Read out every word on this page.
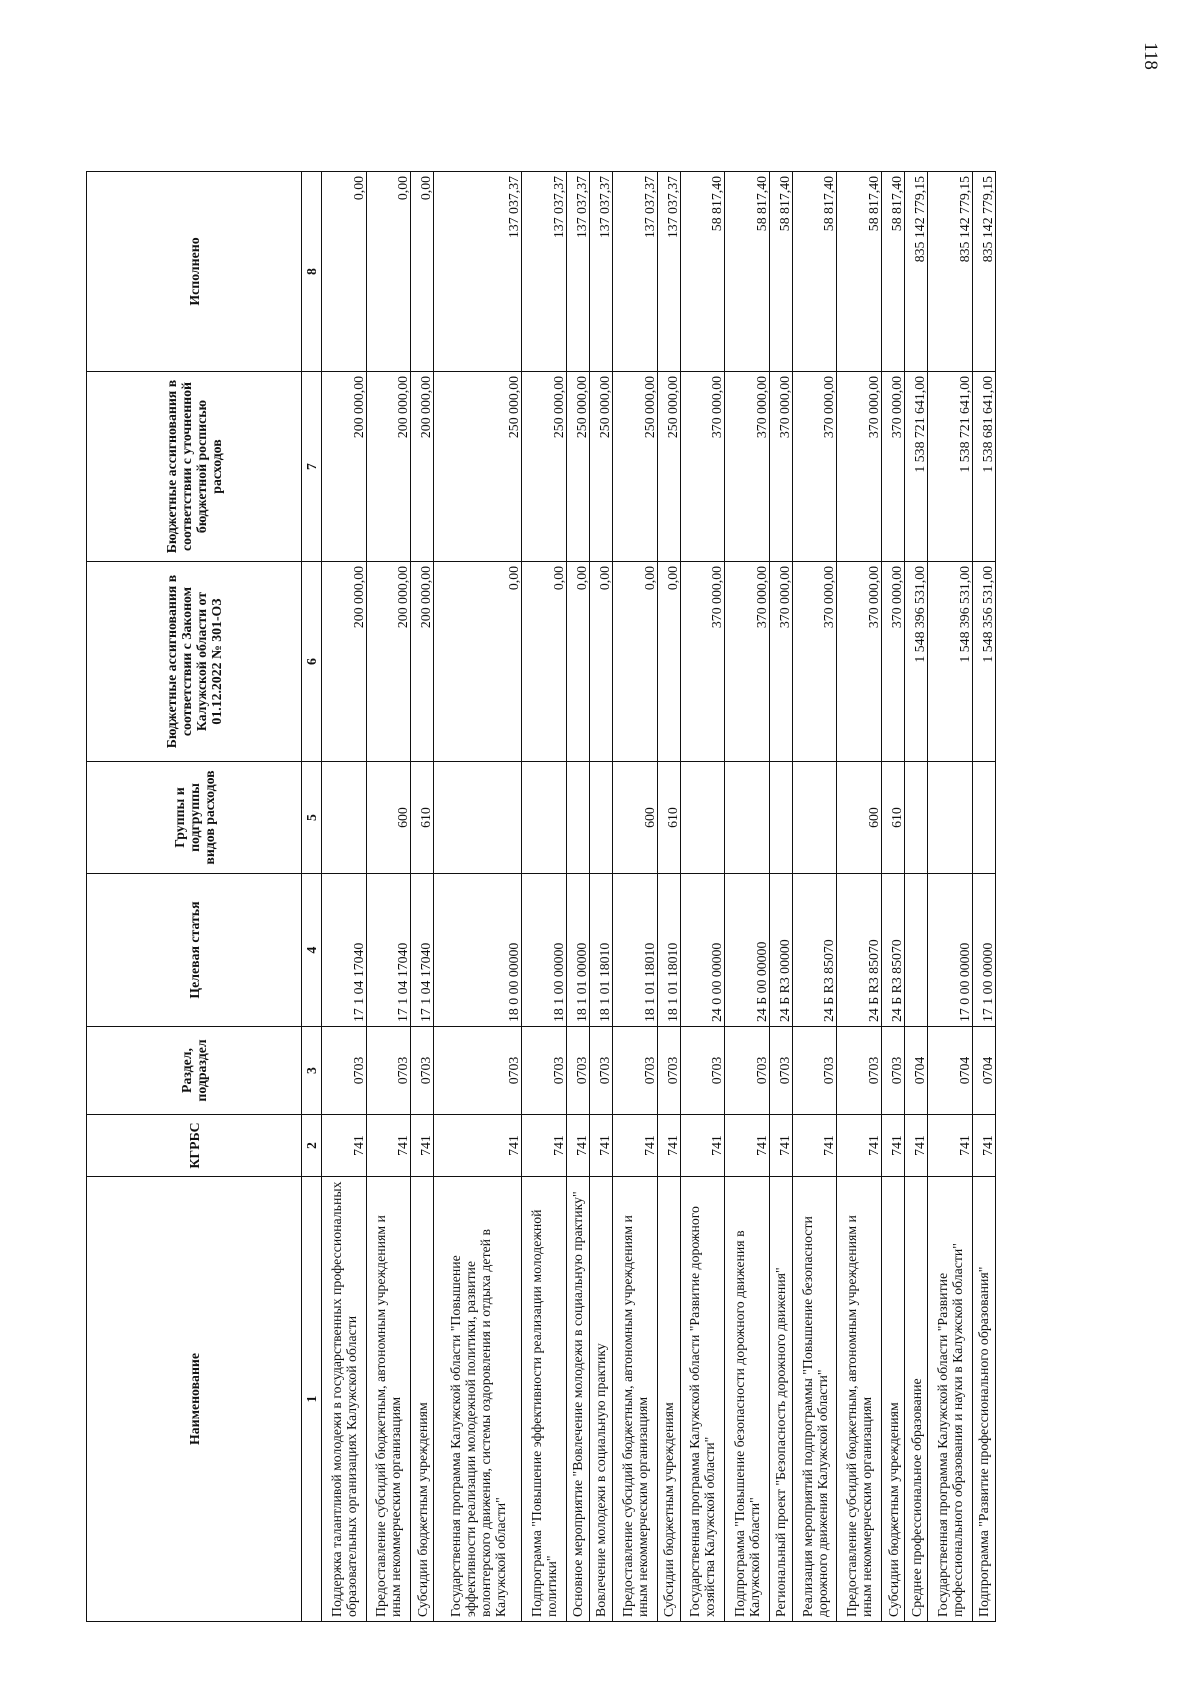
118
Наименование	КГРБС	Раздел, подраздел	Целевая статья	Группы и подгруппы видов расходов	Бюджетные ассигнования в соответствии с Законом Калужской области от 01.12.2022 № 301-ОЗ	Бюджетные ассигнования в соответствии с уточненной бюджетной росписью расходов	Исполнено
1	2	3	4	5	6	7	8
Поддержка талантливой молодежи в государственных профессиональных образовательных организациях Калужской области	741	0703	17 1 04 17040		200 000,00	200 000,00	0,00
Предоставление субсидий бюджетным, автономным учреждениям и иным некоммерческим организациям	741	0703	17 1 04 17040	600	200 000,00	200 000,00	0,00
Субсидии бюджетным учреждениям	741	0703	17 1 04 17040	610	200 000,00	200 000,00	0,00
Государственная программа Калужской области "Повышение эффективности реализации молодежной политики, развитие волонтерского движения, системы оздоровления и отдыха детей в Калужской области"	741	0703	18 0 00 00000		0,00	250 000,00	137 037,37
Подпрограмма "Повышение эффективности реализации молодежной политики"	741	0703	18 1 00 00000		0,00	250 000,00	137 037,37
Основное мероприятие "Вовлечение молодежи в социальную практику"	741	0703	18 1 01 00000		0,00	250 000,00	137 037,37
Вовлечение молодежи в социальную практику	741	0703	18 1 01 18010		0,00	250 000,00	137 037,37
Предоставление субсидий бюджетным, автономным учреждениям и иным некоммерческим организациям	741	0703	18 1 01 18010	600	0,00	250 000,00	137 037,37
Субсидии бюджетным учреждениям	741	0703	18 1 01 18010	610	0,00	250 000,00	137 037,37
Государственная программа Калужской области "Развитие дорожного хозяйства Калужской области"	741	0703	24 0 00 00000		370 000,00	370 000,00	58 817,40
Подпрограмма "Повышение безопасности дорожного движения в Калужской области"	741	0703	24 Б 00 00000		370 000,00	370 000,00	58 817,40
Региональный проект "Безопасность дорожного движения"	741	0703	24 Б R3 00000		370 000,00	370 000,00	58 817,40
Реализация мероприятий подпрограммы "Повышение безопасности дорожного движения Калужской области"	741	0703	24 Б R3 85070		370 000,00	370 000,00	58 817,40
Предоставление субсидий бюджетным, автономным учреждениям и иным некоммерческим организациям	741	0703	24 Б R3 85070	600	370 000,00	370 000,00	58 817,40
Субсидии бюджетным учреждениям	741	0703	24 Б R3 85070	610	370 000,00	370 000,00	58 817,40
Среднее профессиональное образование	741	0704			1 548 396 531,00	1 538 721 641,00	835 142 779,15
Государственная программа Калужской области "Развитие профессионального образования и науки в Калужской области"	741	0704	17 0 00 00000		1 548 396 531,00	1 538 721 641,00	835 142 779,15
Подпрограмма "Развитие профессионального образования"	741	0704	17 1 00 00000		1 548 356 531,00	1 538 681 641,00	835 142 779,15
